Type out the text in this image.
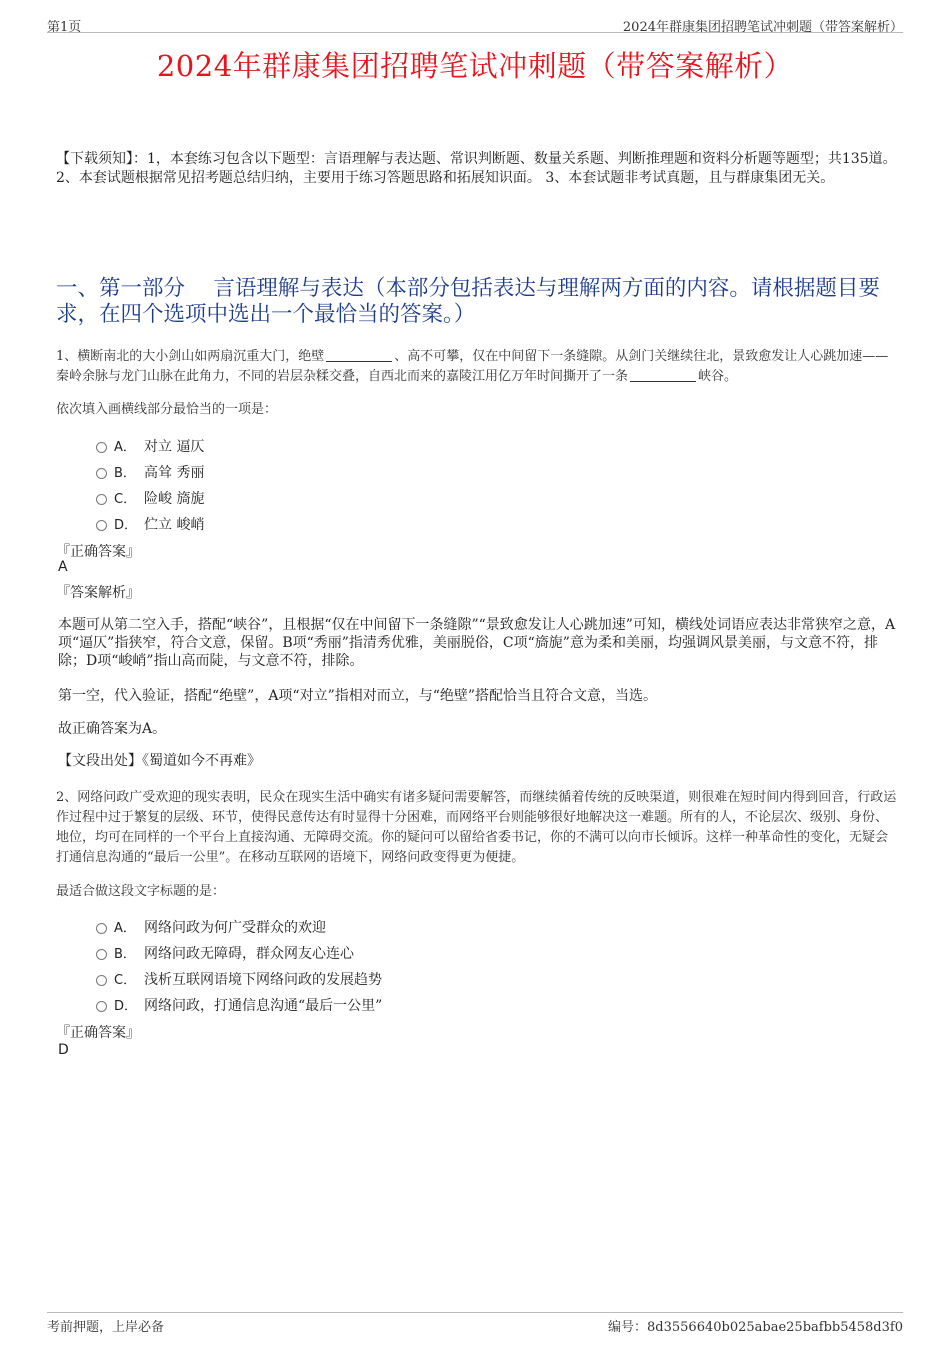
第1页	2024年群康集团招聘笔试冲刺题（带答案解析）
2024年群康集团招聘笔试冲刺题（带答案解析）
【下载须知】：1，本套练习包含以下题型：言语理解与表达题、常识判断题、数量关系题、判断推理题和资料分析题等题型；共135道。 2、本套试题根据常见招考题总结归纳，主要用于练习答题思路和拓展知识面。 3、本套试题非考试真题，且与群康集团无关。
一、第一部分　 言语理解与表达（本部分包括表达与理解两方面的内容。请根据题目要求，在四个选项中选出一个最恰当的答案。）
1、横断南北的大小剑山如两扇沉重大门，绝壁	、高不可攀，仅在中间留下一条缝隙。从剑门关继续往北，景致愈发让人心跳加速——秦岭余脉与龙门山脉在此角力，不同的岩层杂糅交叠，自西北而来的嘉陵江用亿万年时间撕开了一条	峡谷。
依次填入画横线部分最恰当的一项是：
A． 对立 逼仄
B． 高耸 秀丽
C． 险峻 旖旎
D． 伫立 峻峭
『正确答案』
A
『答案解析』
本题可从第二空入手，搭配“峡谷”，且根据“仅在中间留下一条缝隙”“景致愈发让人心跳加速”可知，横线处词语应表达非常狭窄之意，A项“逼仄”指狭窄，符合文意，保留。B项“秀丽”指清秀优雅，美丽脱俗，C项“旖旎”意为柔和美丽，均强调风景美丽，与文意不符，排除；D项“峻峭”指山高而陡，与文意不符，排除。
第一空，代入验证，搭配“绝壁”，A项“对立”指相对而立，与“绝壁”搭配恰当且符合文意，当选。
故正确答案为A。
【文段出处】《蜀道如今不再难》
2、网络问政广受欢迎的现实表明，民众在现实生活中确实有诸多疑问需要解答，而继续循着传统的反映渠道，则很难在短时间内得到回音，行政运作过程中过于繁复的层级、环节，使得民意传达有时显得十分困难，而网络平台则能够很好地解决这一难题。所有的人，不论层次、级别、身份、地位，均可在同样的一个平台上直接沟通、无障碍交流。你的疑问可以留给省委书记，你的不满可以向市长倾诉。这样一种革命性的变化，无疑会打通信息沟通的“最后一公里”。在移动互联网的语境下，网络问政变得更为便捷。
最适合做这段文字标题的是：
A． 网络问政为何广受群众的欢迎
B． 网络问政无障碍，群众网友心连心
C． 浅析互联网语境下网络问政的发展趋势
D． 网络问政，打通信息沟通“最后一公里”
『正确答案』
D
考前押题，上岸必备	编号：8d3556640b025abae25bafbb5458d3f0
